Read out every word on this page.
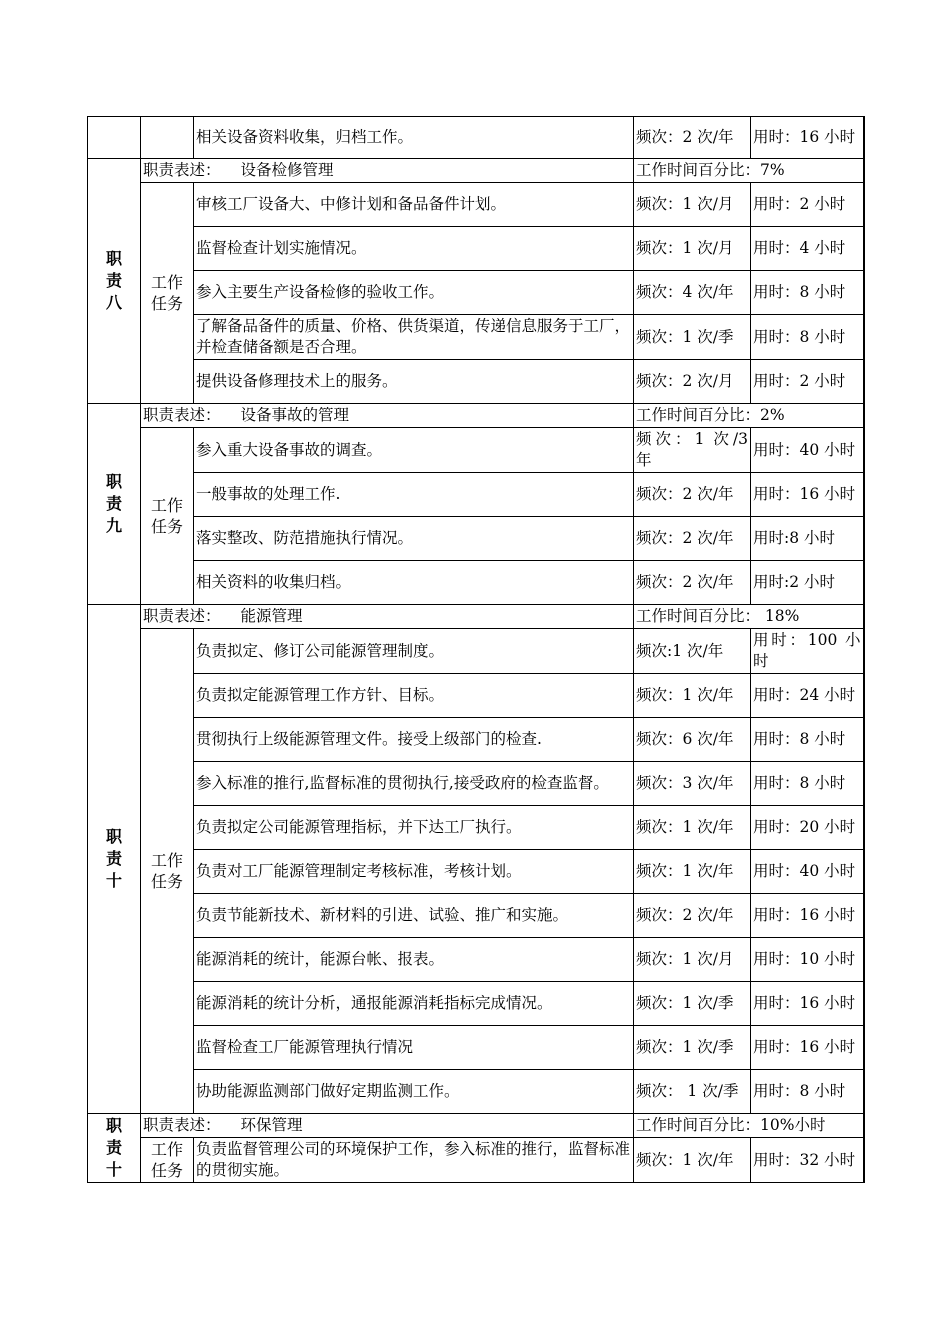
		相关设备资料收集，归档工作。	频次：2 次/年	用时：16 小时
职责八	职责表述： 设备检修管理		工作时间百分比：7%	
	工作任务	审核工厂设备大、中修计划和备品备件计划。	频次：1 次/月	用时：2 小时
		监督检查计划实施情况。	频次：1 次/月	用时：4 小时
		参入主要生产设备检修的验收工作。	频次：4 次/年	用时：8 小时
		了解备品备件的质量、价格、供货渠道，传递信息服务于工厂，并检查储备额是否合理。	频次：1 次/季	用时：8 小时
		提供设备修理技术上的服务。	频次：2 次/月	用时：2 小时
职责九	职责表述： 设备事故的管理		工作时间百分比：2%	
	工作任务	参入重大设备事故的调查。	频次：1 次/3 年	用时：40 小时
		一般事故的处理工作.	频次：2 次/年	用时：16 小时
		落实整改、防范措施执行情况。	频次：2 次/年	用时:8 小时
		相关资料的收集归档。	频次：2 次/年	用时:2 小时
职责十	职责表述： 能源管理		工作时间百分比： 18%	
	工作任务	负责拟定、修订公司能源管理制度。	频次:1 次/年	用时：100 小时
		负责拟定能源管理工作方针、目标。	频次：1 次/年	用时：24 小时
		贯彻执行上级能源管理文件。接受上级部门的检查.	频次：6 次/年	用时：8 小时
		参入标准的推行,监督标准的贯彻执行,接受政府的检查监督。	频次：3 次/年	用时：8 小时
		负责拟定公司能源管理指标，并下达工厂执行。	频次：1 次/年	用时：20 小时
		负责对工厂能源管理制定考核标准，考核计划。	频次：1 次/年	用时：40 小时
		负责节能新技术、新材料的引进、试验、推广和实施。	频次：2 次/年	用时：16 小时
		能源消耗的统计，能源台帐、报表。	频次：1 次/月	用时：10 小时
		能源消耗的统计分析，通报能源消耗指标完成情况。	频次：1 次/季	用时：16 小时
		监督检查工厂能源管理执行情况	频次：1 次/季	用时：16 小时
		协助能源监测部门做好定期监测工作。	频次： 1 次/季	用时：8 小时
职责十	职责表述： 环保管理		工作时间百分比：10%小时	
	工作任务	负责监督管理公司的环境保护工作，参入标准的推行，监督标准的贯彻实施。	频次：1 次/年	用时：32 小时
